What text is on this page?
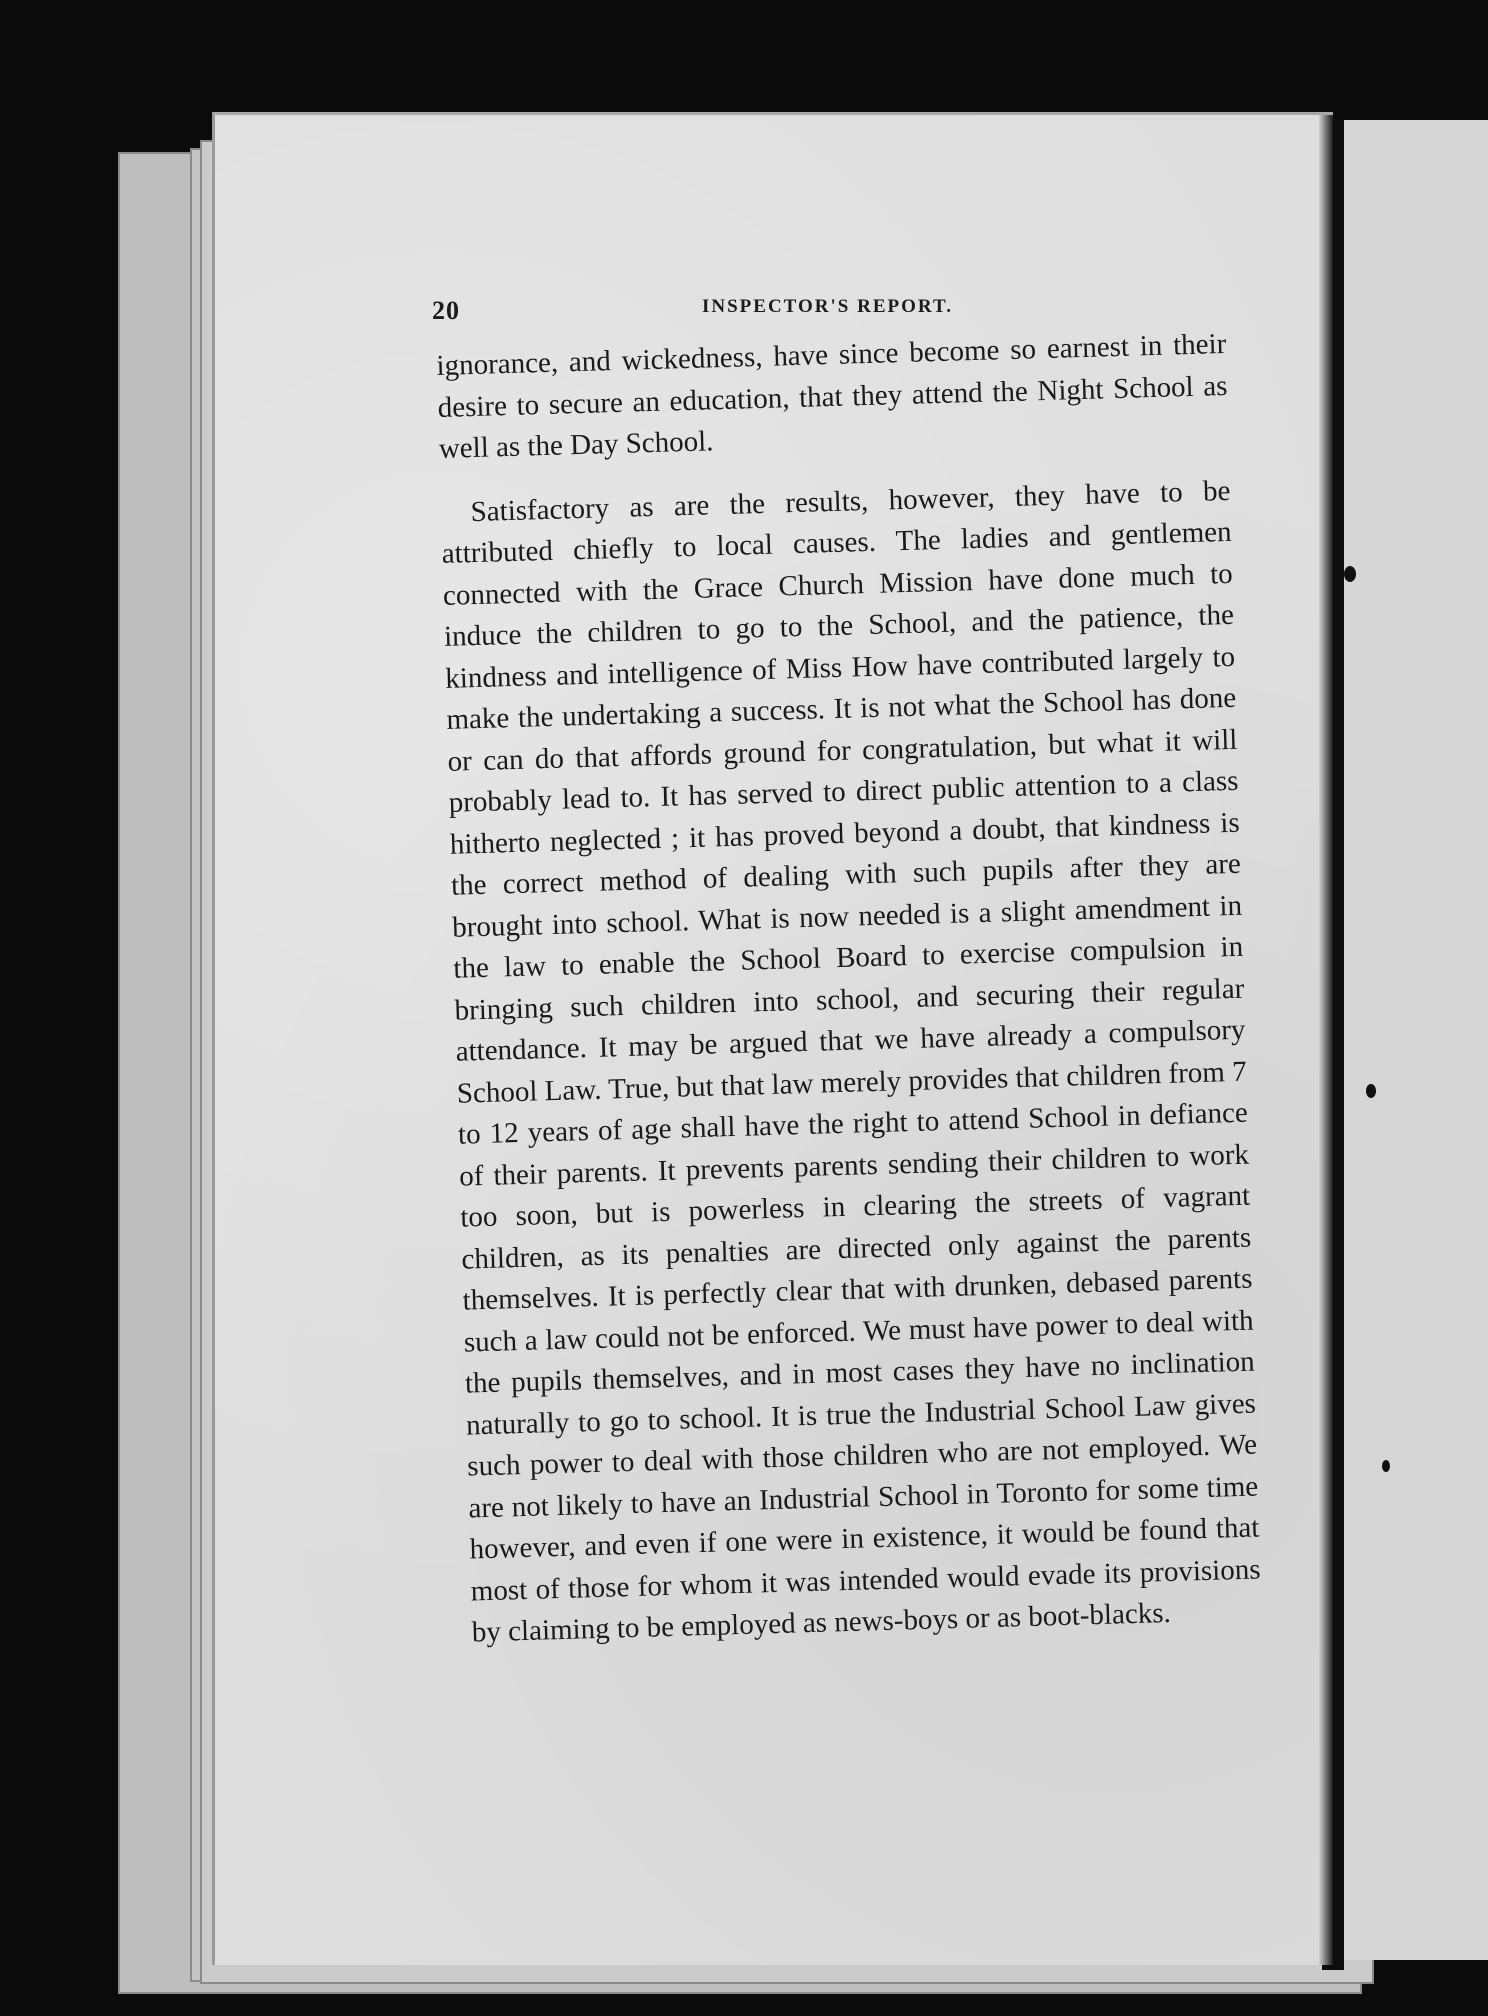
20	INSPECTOR'S REPORT.

ignorance, and wickedness, have since become so earnest in their desire to secure an education, that they attend the Night School as well as the Day School.

Satisfactory as are the results, however, they have to be attributed chiefly to local causes. The ladies and gentlemen connected with the Grace Church Mission have done much to induce the children to go to the School, and the patience, the kindness and intelligence of Miss How have contributed largely to make the undertaking a success. It is not what the School has done or can do that affords ground for congratulation, but what it will probably lead to. It has served to direct public attention to a class hitherto neglected ; it has proved beyond a doubt, that kindness is the correct method of dealing with such pupils after they are brought into school. What is now needed is a slight amendment in the law to enable the School Board to exercise compulsion in bringing such children into school, and securing their regular attendance. It may be argued that we have already a compulsory School Law. True, but that law merely provides that children from 7 to 12 years of age shall have the right to attend School in defiance of their parents. It prevents parents sending their children to work too soon, but is powerless in clearing the streets of vagrant children, as its penalties are directed only against the parents themselves. It is perfectly clear that with drunken, debased parents such a law could not be enforced. We must have power to deal with the pupils themselves, and in most cases they have no inclination naturally to go to school. It is true the Industrial School Law gives such power to deal with those children who are not employed. We are not likely to have an Industrial School in Toronto for some time however, and even if one were in existence, it would be found that most of those for whom it was intended would evade its provisions by claiming to be employed as news-boys or as boot-blacks.
